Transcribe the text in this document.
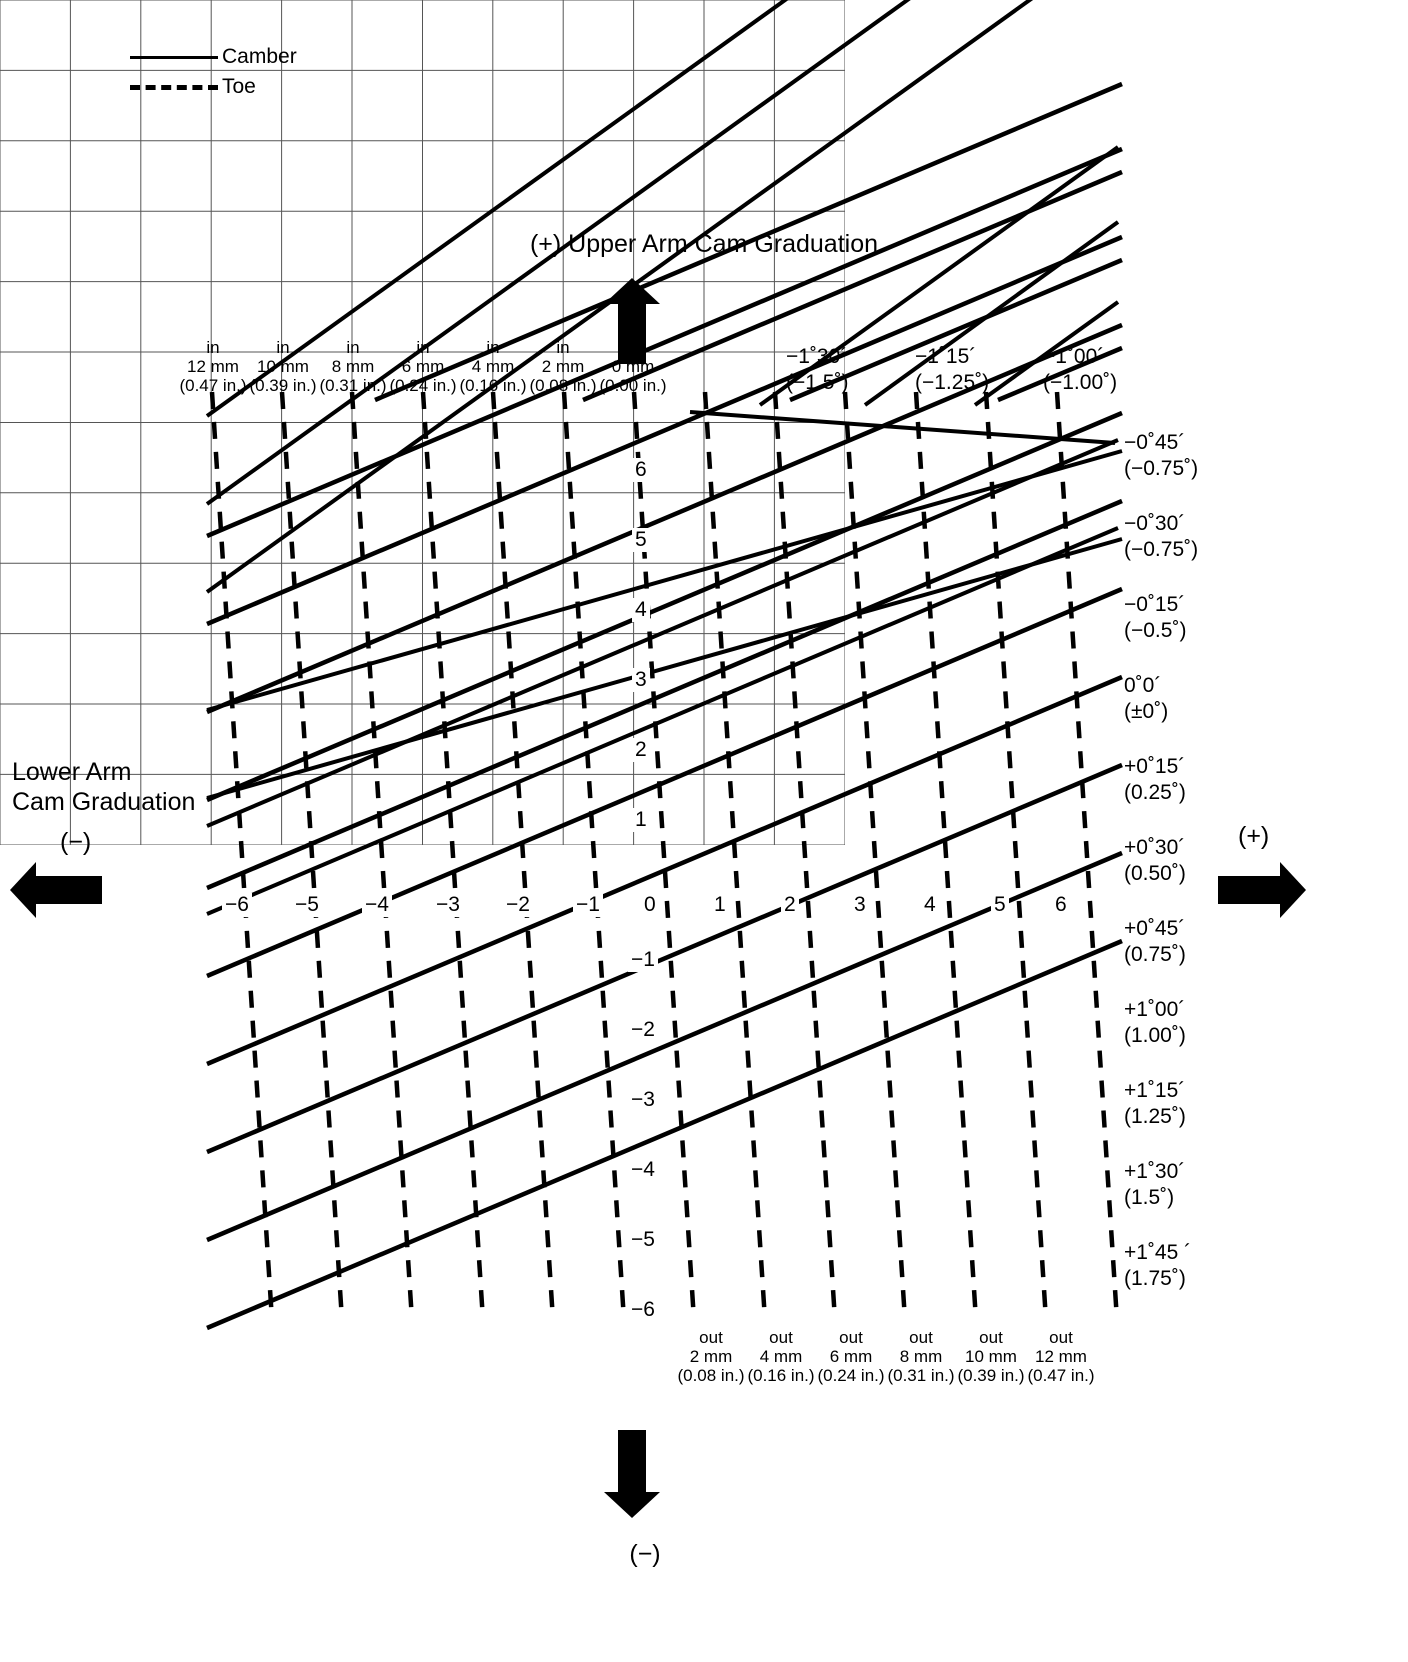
Camber
Toe
(+) Upper Arm Cam Graduation
Lower Arm
Cam Graduation
(−)	(+)
(−)
−6 −5 −4 −3 −2 −1 0	1	2	3	4	5 6
6
5
4
3
2
1
−1
−2
−3
−4
−5
−6
in
12 mm
(0.47 in.)
in
10 mm
(0.39 in.)
in
8 mm
(0.31 in.)
in
6 mm
(0.24 in.)
in
4 mm
(0.16 in.)
in
2 mm
(0.08 in.)
in
0 mm
(0.00 in.)
out
2 mm
(0.08 in.)
out
4 mm
(0.16 in.)
out
6 mm
(0.24 in.)
out
8 mm
(0.31 in.)
out
10 mm
(0.39 in.)
out
12 mm
(0.47 in.)
−1˚30´
(−1.5˚)
−1˚15´
(−1.25˚)
−1˚00´
(−1.00˚)
−0˚45´
(−0.75˚)
−0˚30´
(−0.75˚)
−0˚15´
(−0.5˚)
0˚0´
(±0˚)
+0˚15´
(0.25˚)
+0˚30´
(0.50˚)
+0˚45´
(0.75˚)
+1˚00´
(1.00˚)
+1˚15´
(1.25˚)
+1˚30´
(1.5˚)
+1˚45 ´
(1.75˚)
